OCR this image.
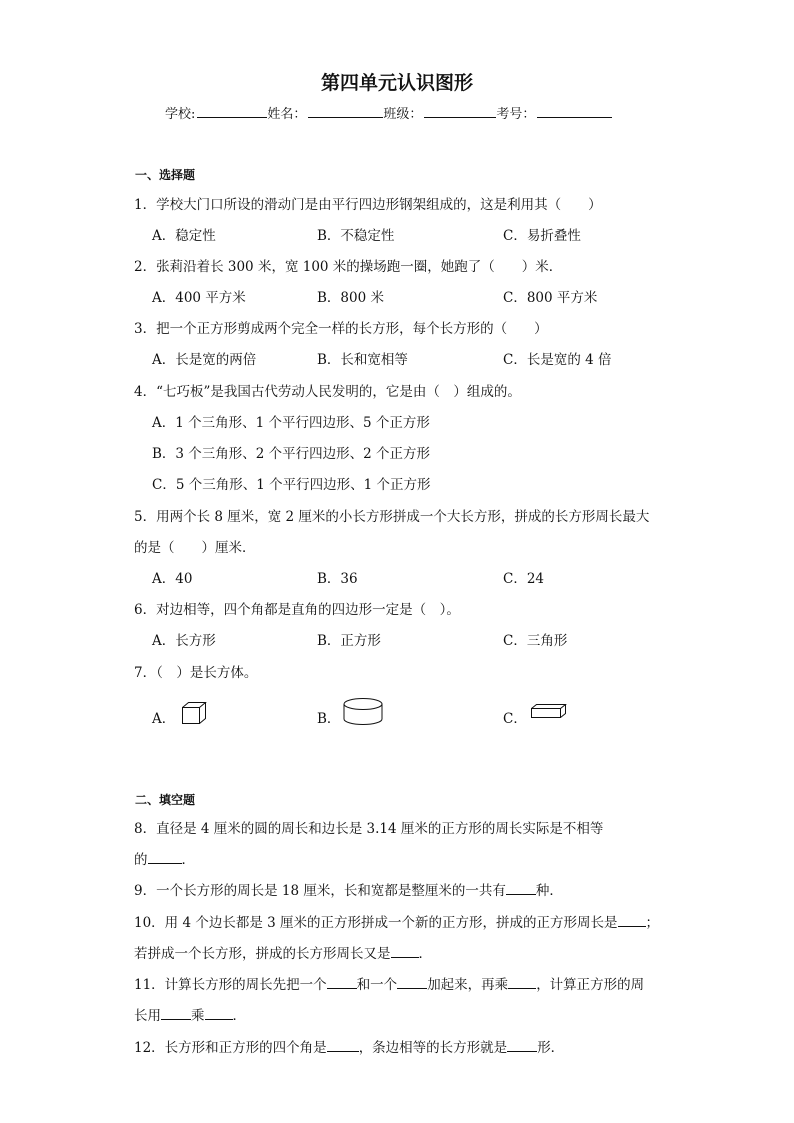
第四单元认识图形
学校:	姓名：	班级：	考号：
一、选择题
1．学校大门口所设的滑动门是由平行四边形钢架组成的，这是利用其（　　）
A．稳定性	B．不稳定性	C．易折叠性
2．张莉沿着长 300 米，宽 100 米的操场跑一圈，她跑了（　　）米．
A．400 平方米	B．800 米	C．800 平方米
3．把一个正方形剪成两个完全一样的长方形，每个长方形的（　　）
A．长是宽的两倍	B．长和宽相等	C．长是宽的 4 倍
4．“七巧板”是我国古代劳动人民发明的，它是由（　）组成的。
A．1 个三角形、1 个平行四边形、5 个正方形
B．3 个三角形、2 个平行四边形、2 个正方形
C．5 个三角形、1 个平行四边形、1 个正方形
5．用两个长 8 厘米，宽 2 厘米的小长方形拼成一个大长方形，拼成的长方形周长最大
的是（　　）厘米．
A．40	B．36	C．24
6．对边相等，四个角都是直角的四边形一定是（　）。
A．长方形	B．正方形	C．三角形
7．（　）是长方体。
A．	B．	C．
二、填空题
8．直径是 4 厘米的圆的周长和边长是 3.14 厘米的正方形的周长实际是不相等
的	．
9．一个长方形的周长是 18 厘米，长和宽都是整厘米的一共有 种．
10．用 4 个边长都是 3 厘米的正方形拼成一个新的正方形，拼成的正方形周长是 ；
若拼成一个长方形，拼成的长方形周长又是 ．
11．计算长方形的周长先把一个 和一个 加起来，再乘 ，计算正方形的周
长用 乘 ．
12．长方形和正方形的四个角是 ，条边相等的长方形就是 形．
